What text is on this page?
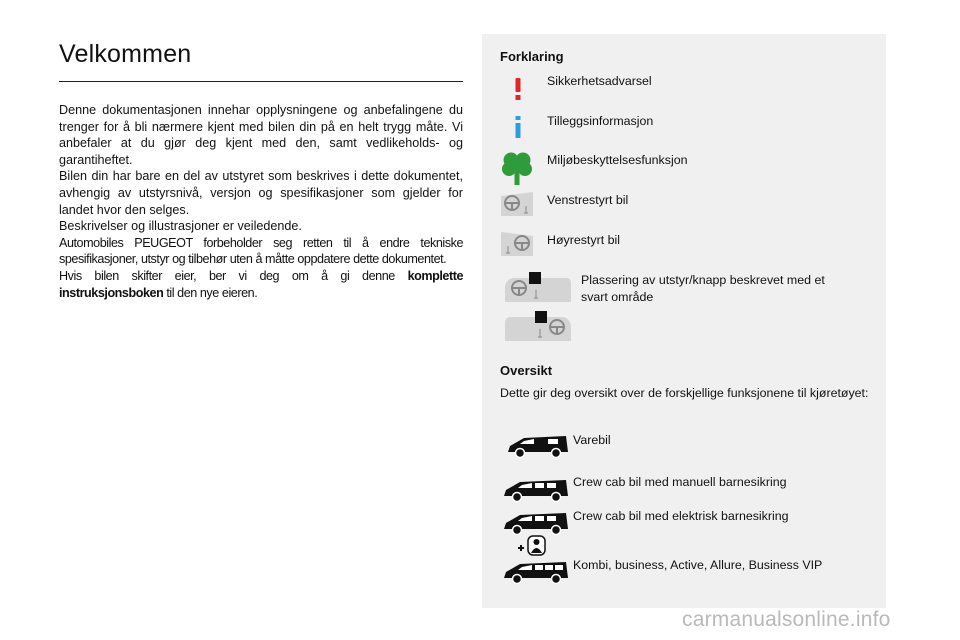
Velkommen

Denne dokumentasjonen innehar opplysningene og anbefalingene du trenger for å bli nærmere kjent med bilen din på en helt trygg måte. Vi anbefaler at du gjør deg kjent med den, samt vedlikeholds- og garantiheftet.

Bilen din har bare en del av utstyret som beskrives i dette dokumentet, avhengig av utstyrsnivå, versjon og spesifikasjoner som gjelder for landet hvor den selges.

Beskrivelser og illustrasjoner er veiledende.

Automobiles PEUGEOT forbeholder seg retten til å endre tekniske spesifikasjoner, utstyr og tilbehør uten å måtte oppdatere dette dokumentet.

Hvis bilen skifter eier, ber vi deg om å gi denne komplette instruksjonsboken til den nye eieren.

Forklaring
Sikkerhetsadvarsel
Tilleggsinformasjon
Miljøbeskyttelsesfunksjon
Venstrestyrt bil
Høyrestyrt bil
Plassering av utstyr/knapp beskrevet med et
svart område
Oversikt
Dette gir deg oversikt over de forskjellige funksjonene til kjøretøyet:
Varebil
Crew cab bil med manuell barnesikring
Crew cab bil med elektrisk barnesikring
Kombi, business, Active, Allure, Business VIP
carmanualsonline.info
